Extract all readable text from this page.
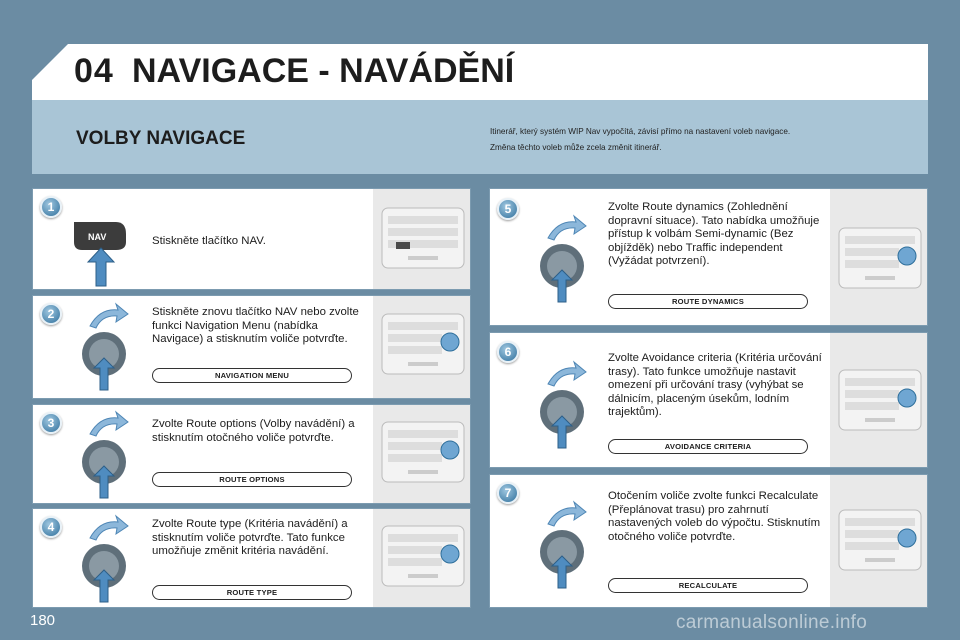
04 NAVIGACE - NAVÁDĚNÍ
VOLBY NAVIGACE	Itinerář, který systém WIP Nav vypočítá, závisí přímo na nastavení voleb navigace.
Změna těchto voleb může zcela změnit itinerář.
1
NAV	Stiskněte tlačítko NAV.
2	Stiskněte znovu tlačítko NAV nebo zvolte funkci Navigation Menu (nabídka Navigace) a stisknutím voliče potvrďte.
NAVIGATION MENU
3	Zvolte Route options (Volby navádění) a stisknutím otočného voliče potvrďte.
ROUTE OPTIONS
4	Zvolte Route type (Kritéria navádění) a stisknutím voliče potvrďte. Tato funkce umožňuje změnit kritéria navádění.
ROUTE TYPE
5	Zvolte Route dynamics (Zohlednění dopravní situace). Tato nabídka umožňuje přístup k volbám Semi-dynamic (Bez objížděk) nebo Traffic independent (Vyžádat potvrzení).
ROUTE DYNAMICS
6	Zvolte Avoidance criteria (Kritéria určování trasy). Tato funkce umožňuje nastavit omezení při určování trasy (vyhýbat se dálnicím, placeným úsekům, lodním trajektům).
AVOIDANCE CRITERIA
7	Otočením voliče zvolte funkci Recalculate (Přeplánovat trasu) pro zahrnutí nastavených voleb do výpočtu. Stisknutím otočného voliče potvrďte.
RECALCULATE
180	carmanualsonline.info
